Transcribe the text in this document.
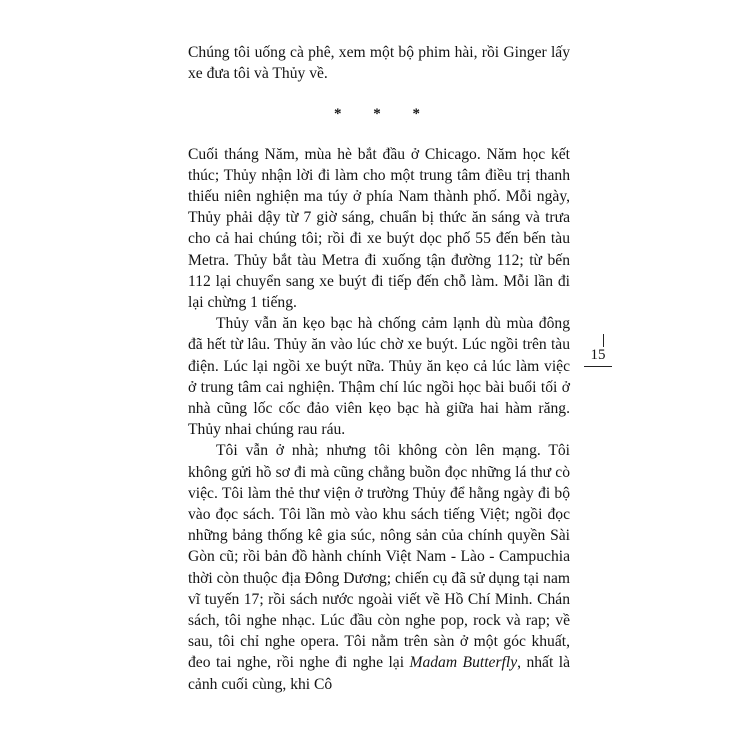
Chúng tôi uống cà phê, xem một bộ phim hài, rồi Ginger lấy xe đưa tôi và Thủy về.

* * *

Cuối tháng Năm, mùa hè bắt đầu ở Chicago. Năm học kết thúc; Thủy nhận lời đi làm cho một trung tâm điều trị thanh thiếu niên nghiện ma túy ở phía Nam thành phố. Mỗi ngày, Thủy phải dậy từ 7 giờ sáng, chuẩn bị thức ăn sáng và trưa cho cả hai chúng tôi; rồi đi xe buýt dọc phố 55 đến bến tàu Metra. Thủy bắt tàu Metra đi xuống tận đường 112; từ bến 112 lại chuyển sang xe buýt đi tiếp đến chỗ làm. Mỗi lần đi lại chừng 1 tiếng.

Thủy vẫn ăn kẹo bạc hà chống cảm lạnh dù mùa đông đã hết từ lâu. Thủy ăn vào lúc chờ xe buýt. Lúc ngồi trên tàu điện. Lúc lại ngồi xe buýt nữa. Thủy ăn kẹo cả lúc làm việc ở trung tâm cai nghiện. Thậm chí lúc ngồi học bài buổi tối ở nhà cũng lốc cốc đảo viên kẹo bạc hà giữa hai hàm răng. Thủy nhai chúng rau ráu.

Tôi vẫn ở nhà; nhưng tôi không còn lên mạng. Tôi không gửi hồ sơ đi mà cũng chẳng buồn đọc những lá thư cò việc. Tôi làm thẻ thư viện ở trường Thủy để hằng ngày đi bộ vào đọc sách. Tôi lần mò vào khu sách tiếng Việt; ngồi đọc những bảng thống kê gia súc, nông sản của chính quyền Sài Gòn cũ; rồi bản đồ hành chính Việt Nam - Lào - Campuchia thời còn thuộc địa Đông Dương; chiến cụ đã sử dụng tại nam vĩ tuyến 17; rồi sách nước ngoài viết về Hồ Chí Minh. Chán sách, tôi nghe nhạc. Lúc đầu còn nghe pop, rock và rap; về sau, tôi chỉ nghe opera. Tôi nằm trên sàn ở một góc khuất, đeo tai nghe, rồi nghe đi nghe lại Madam Butterfly, nhất là cảnh cuối cùng, khi Cô

15
